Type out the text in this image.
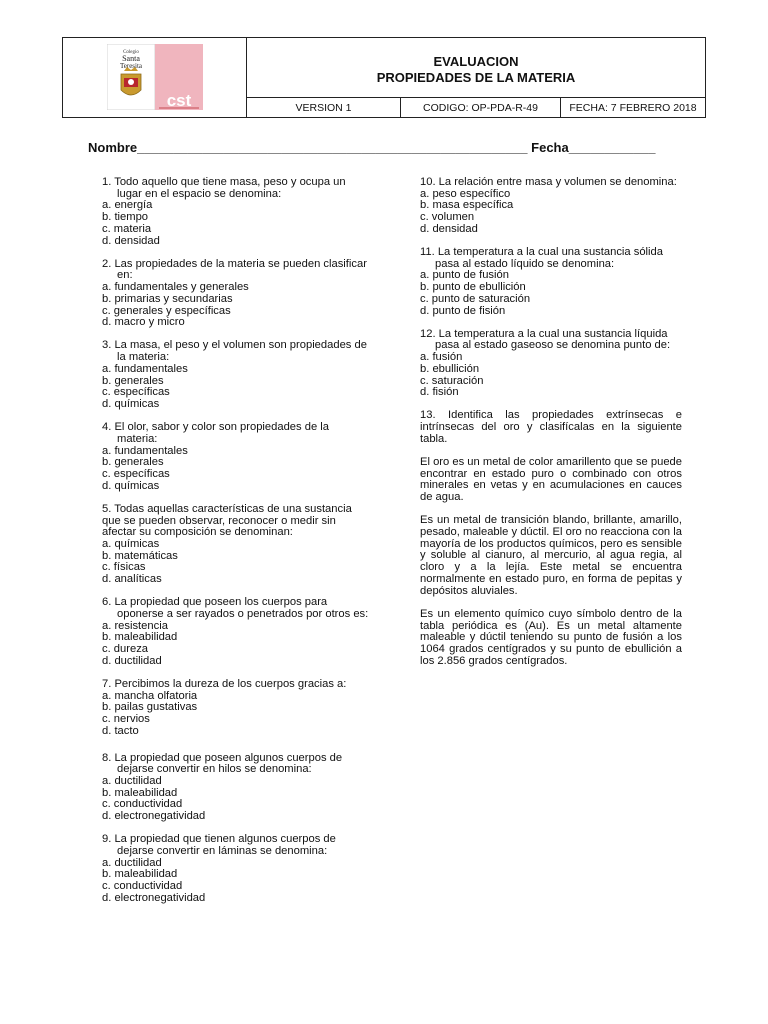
Colegio
Santa
Teresita
cst
EVALUACION
PROPIEDADES DE LA MATERIA
VERSION 1	CODIGO: OP-PDA-R-49	FECHA: 7 FEBRERO 2018
Nombre______________________________________________________ Fecha____________
1. Todo aquello que tiene masa, peso y ocupa un lugar en el espacio se denomina:
a. energía
b. tiempo
c. materia
d. densidad
2. Las propiedades de la materia se pueden clasificar en:
a. fundamentales y generales
b. primarias y secundarias
c. generales y específicas
d. macro y micro
3. La masa, el peso y el volumen son propiedades de la materia:
a. fundamentales
b. generales
c. específicas
d. químicas
4. El olor, sabor y color son propiedades de la materia:
a. fundamentales
b. generales
c. específicas
d. químicas
5. Todas aquellas características de una sustancia que se pueden observar, reconocer o medir sin afectar su composición se denominan:
a. químicas
b. matemáticas
c. físicas
d. analíticas
6. La propiedad que poseen los cuerpos para oponerse a ser rayados o penetrados por otros es:
a. resistencia
b. maleabilidad
c. dureza
d. ductilidad
7. Percibimos la dureza de los cuerpos gracias a:
a. mancha olfatoria
b. pailas gustativas
c. nervios
d. tacto
8. La propiedad que poseen algunos cuerpos de dejarse convertir en hilos se denomina:
a. ductilidad
b. maleabilidad
c. conductividad
d. electronegatividad
9. La propiedad que tienen algunos cuerpos de dejarse convertir en láminas se denomina:
a. ductilidad
b. maleabilidad
c. conductividad
d. electronegatividad
10. La relación entre masa y volumen se denomina:
a. peso específico
b. masa específica
c. volumen
d. densidad
11. La temperatura a la cual una sustancia sólida pasa al estado líquido se denomina:
a. punto de fusión
b. punto de ebullición
c. punto de saturación
d. punto de fisión
12. La temperatura a la cual una sustancia líquida pasa al estado gaseoso se denomina punto de:
a. fusión
b. ebullición
c. saturación
d. fisión
13. Identifica las propiedades extrínsecas e intrínsecas del oro y clasifícalas en la siguiente tabla.
El oro es un metal de color amarillento que se puede encontrar en estado puro o combinado con otros minerales en vetas y en acumulaciones en cauces de agua.
Es un metal de transición blando, brillante, amarillo, pesado, maleable y dúctil. El oro no reacciona con la mayoría de los productos químicos, pero es sensible y soluble al cianuro, al mercurio, al agua regia, al cloro y a la lejía. Este metal se encuentra normalmente en estado puro, en forma de pepitas y depósitos aluviales.
Es un elemento químico cuyo símbolo dentro de la tabla periódica es (Au). Es un metal altamente maleable y dúctil teniendo su punto de fusión a los 1064 grados centígrados y su punto de ebullición a los 2.856 grados centígrados.
